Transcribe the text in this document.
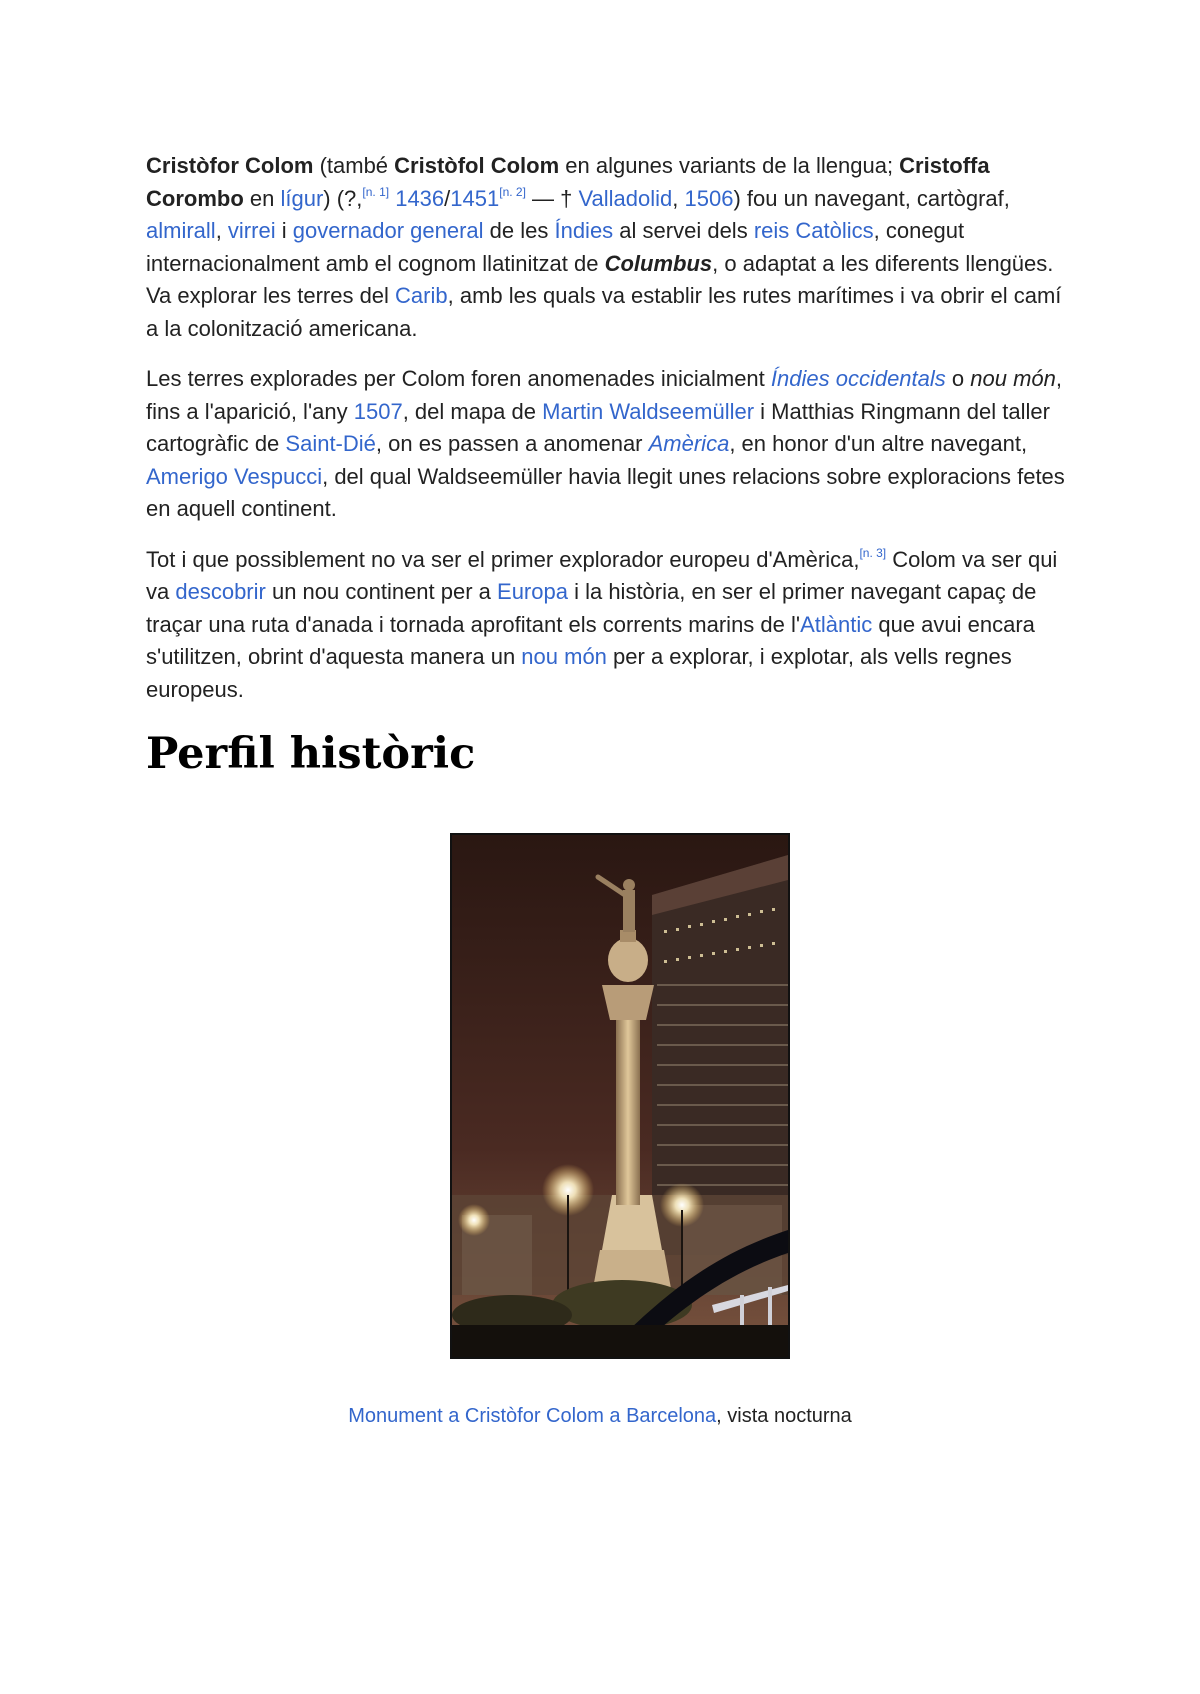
Cristòfor Colom (també Cristòfol Colom en algunes variants de la llengua; Cristoffa Corombo en lígur) (?,[n. 1] 1436/1451[n. 2] — † Valladolid, 1506) fou un navegant, cartògraf, almirall, virrei i governador general de les Índies al servei dels reis Catòlics, conegut internacionalment amb el cognom llatinitzat de Columbus, o adaptat a les diferents llengües. Va explorar les terres del Carib, amb les quals va establir les rutes marítimes i va obrir el camí a la colonització americana.

Les terres explorades per Colom foren anomenades inicialment Índies occidentals o nou món, fins a l'aparició, l'any 1507, del mapa de Martin Waldseemüller i Matthias Ringmann del taller cartogràfic de Saint-Dié, on es passen a anomenar Amèrica, en honor d'un altre navegant, Amerigo Vespucci, del qual Waldseemüller havia llegit unes relacions sobre exploracions fetes en aquell continent.

Tot i que possiblement no va ser el primer explorador europeu d'Amèrica,[n. 3] Colom va ser qui va descobrir un nou continent per a Europa i la història, en ser el primer navegant capaç de traçar una ruta d'anada i tornada aprofitant els corrents marins de l'Atlàntic que avui encara s'utilitzen, obrint d'aquesta manera un nou món per a explorar, i explotar, als vells regnes europeus.

Perfil històric
Monument a Cristòfor Colom a Barcelona, vista nocturna
